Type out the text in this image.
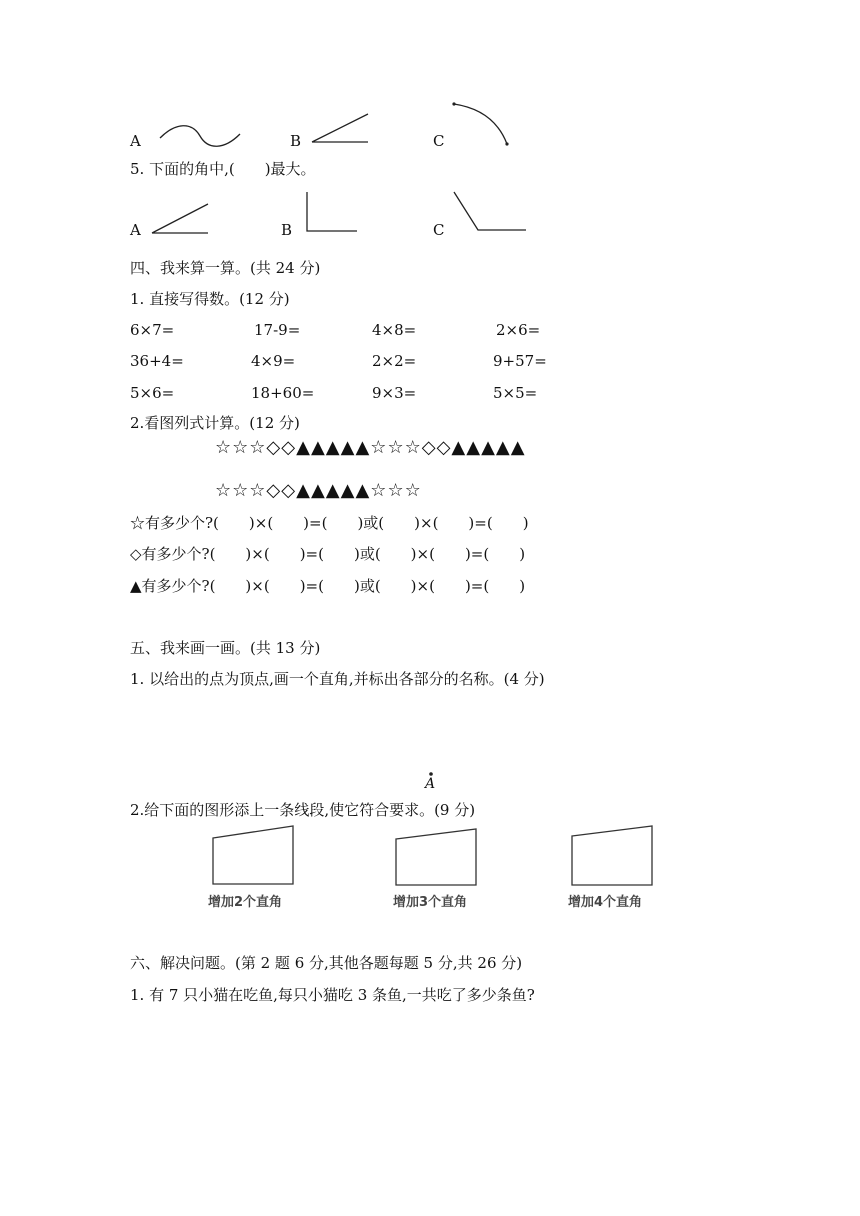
A	B	C
5. 下面的角中,(　　)最大。
A	B	C
四、我来算一算。(共 24 分)
1. 直接写得数。(12 分)
6×7=	17-9=	4×8=	2×6=
36+4=	4×9=	2×2=	9+57=
5×6=	18+60=	9×3=	5×5=
2.看图列式计算。(12 分)
☆☆☆◇◇▲▲▲▲▲☆☆☆◇◇▲▲▲▲▲
☆☆☆◇◇▲▲▲▲▲☆☆☆
☆有多少个?(　　)×(　　)=(　　)或(　　)×(　　)=(　　)
◇有多少个?(　　)×(　　)=(　　)或(　　)×(　　)=(　　)
▲有多少个?(　　)×(　　)=(　　)或(　　)×(　　)=(　　)
五、我来画一画。(共 13 分)
1. 以给出的点为顶点,画一个直角,并标出各部分的名称。(4 分)
A
2.给下面的图形添上一条线段,使它符合要求。(9 分)
增加2个直角	增加3个直角	增加4个直角
六、解决问题。(第 2 题 6 分,其他各题每题 5 分,共 26 分)
1. 有 7 只小猫在吃鱼,每只小猫吃 3 条鱼,一共吃了多少条鱼?
